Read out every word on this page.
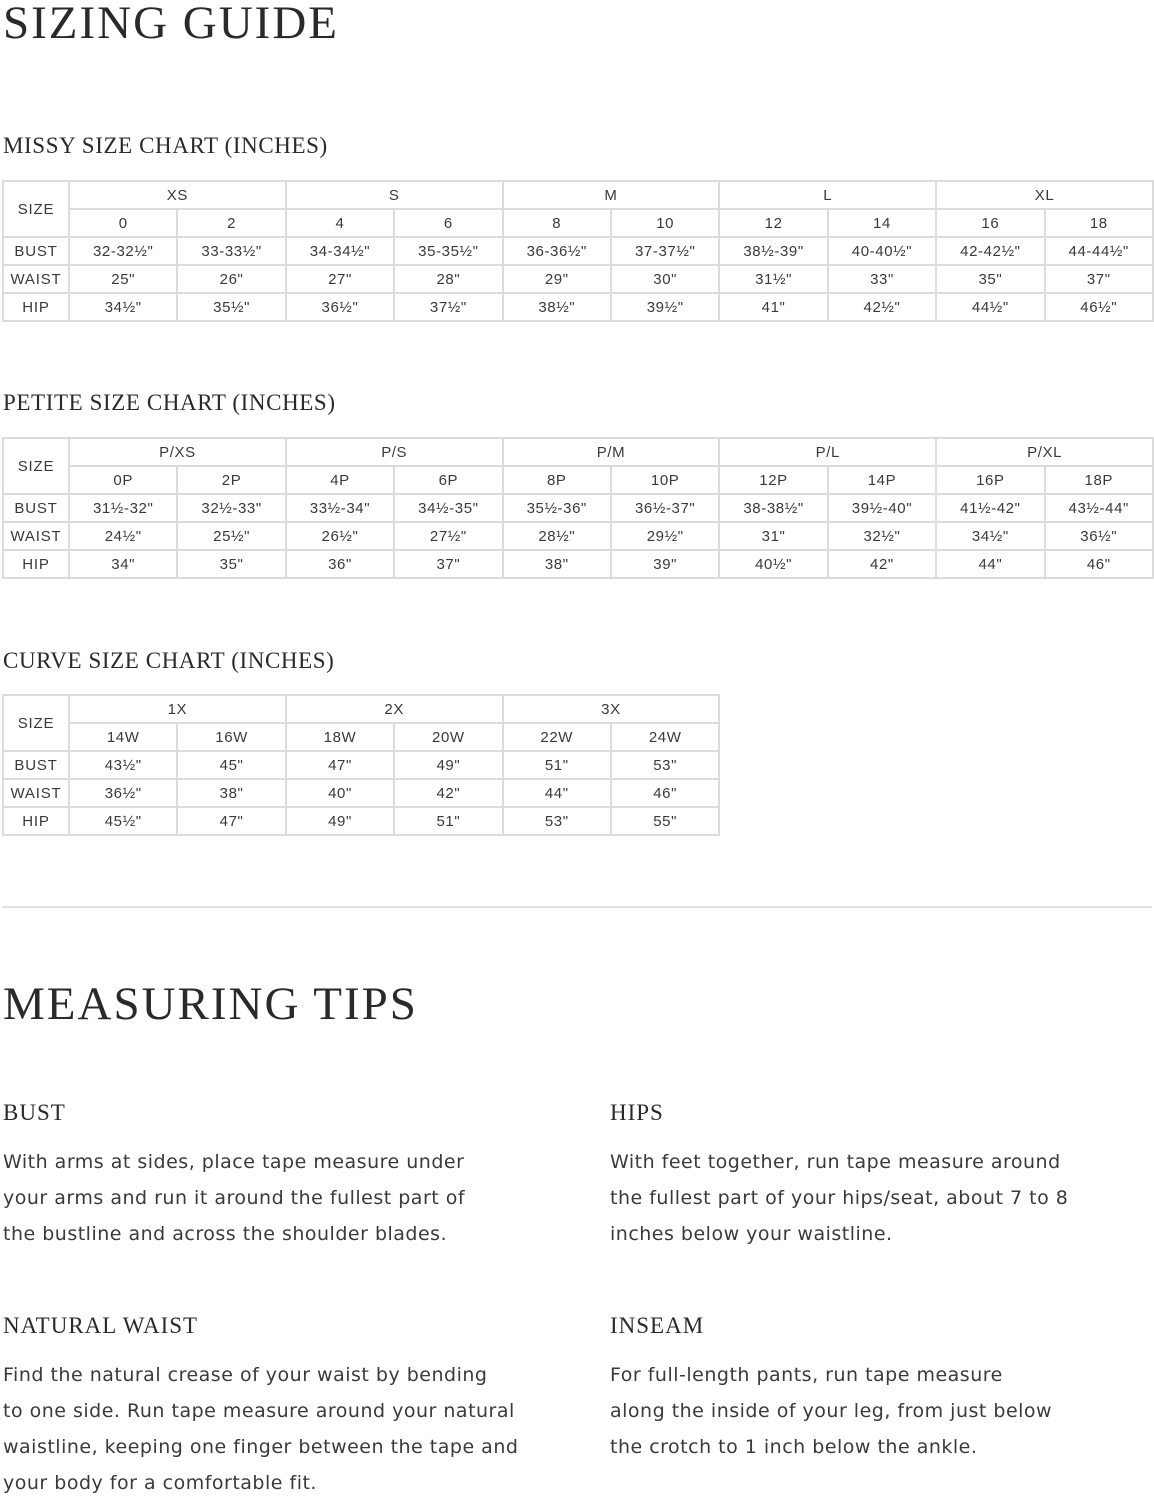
SIZING GUIDE
MISSY SIZE CHART (INCHES)
SIZE	XS		S		M		L		XL	
	0	2	4	6	8	10	12	14	16	18
BUST	32-32½"	33-33½"	34-34½"	35-35½"	36-36½"	37-37½"	38½-39"	40-40½"	42-42½"	44-44½"
WAIST	25"	26"	27"	28"	29"	30"	31½"	33"	35"	37"
HIP	34½"	35½"	36½"	37½"	38½"	39½"	41"	42½"	44½"	46½"
PETITE SIZE CHART (INCHES)
SIZE	P/XS		P/S		P/M		P/L		P/XL	
	0P	2P	4P	6P	8P	10P	12P	14P	16P	18P
BUST	31½-32"	32½-33"	33½-34"	34½-35"	35½-36"	36½-37"	38-38½"	39½-40"	41½-42"	43½-44"
WAIST	24½"	25½"	26½"	27½"	28½"	29½"	31"	32½"	34½"	36½"
HIP	34"	35"	36"	37"	38"	39"	40½"	42"	44"	46"
CURVE SIZE CHART (INCHES)
SIZE	1X		2X		3X	
	14W	16W	18W	20W	22W	24W
BUST	43½"	45"	47"	49"	51"	53"
WAIST	36½"	38"	40"	42"	44"	46"
HIP	45½"	47"	49"	51"	53"	55"
MEASURING TIPS
BUST
With arms at sides, place tape measure under
your arms and run it around the fullest part of
the bustline and across the shoulder blades.
HIPS
With feet together, run tape measure around
the fullest part of your hips/seat, about 7 to 8
inches below your waistline.
NATURAL WAIST
Find the natural crease of your waist by bending
to one side. Run tape measure around your natural
waistline, keeping one finger between the tape and
your body for a comfortable fit.
INSEAM
For full-length pants, run tape measure
along the inside of your leg, from just below
the crotch to 1 inch below the ankle.
